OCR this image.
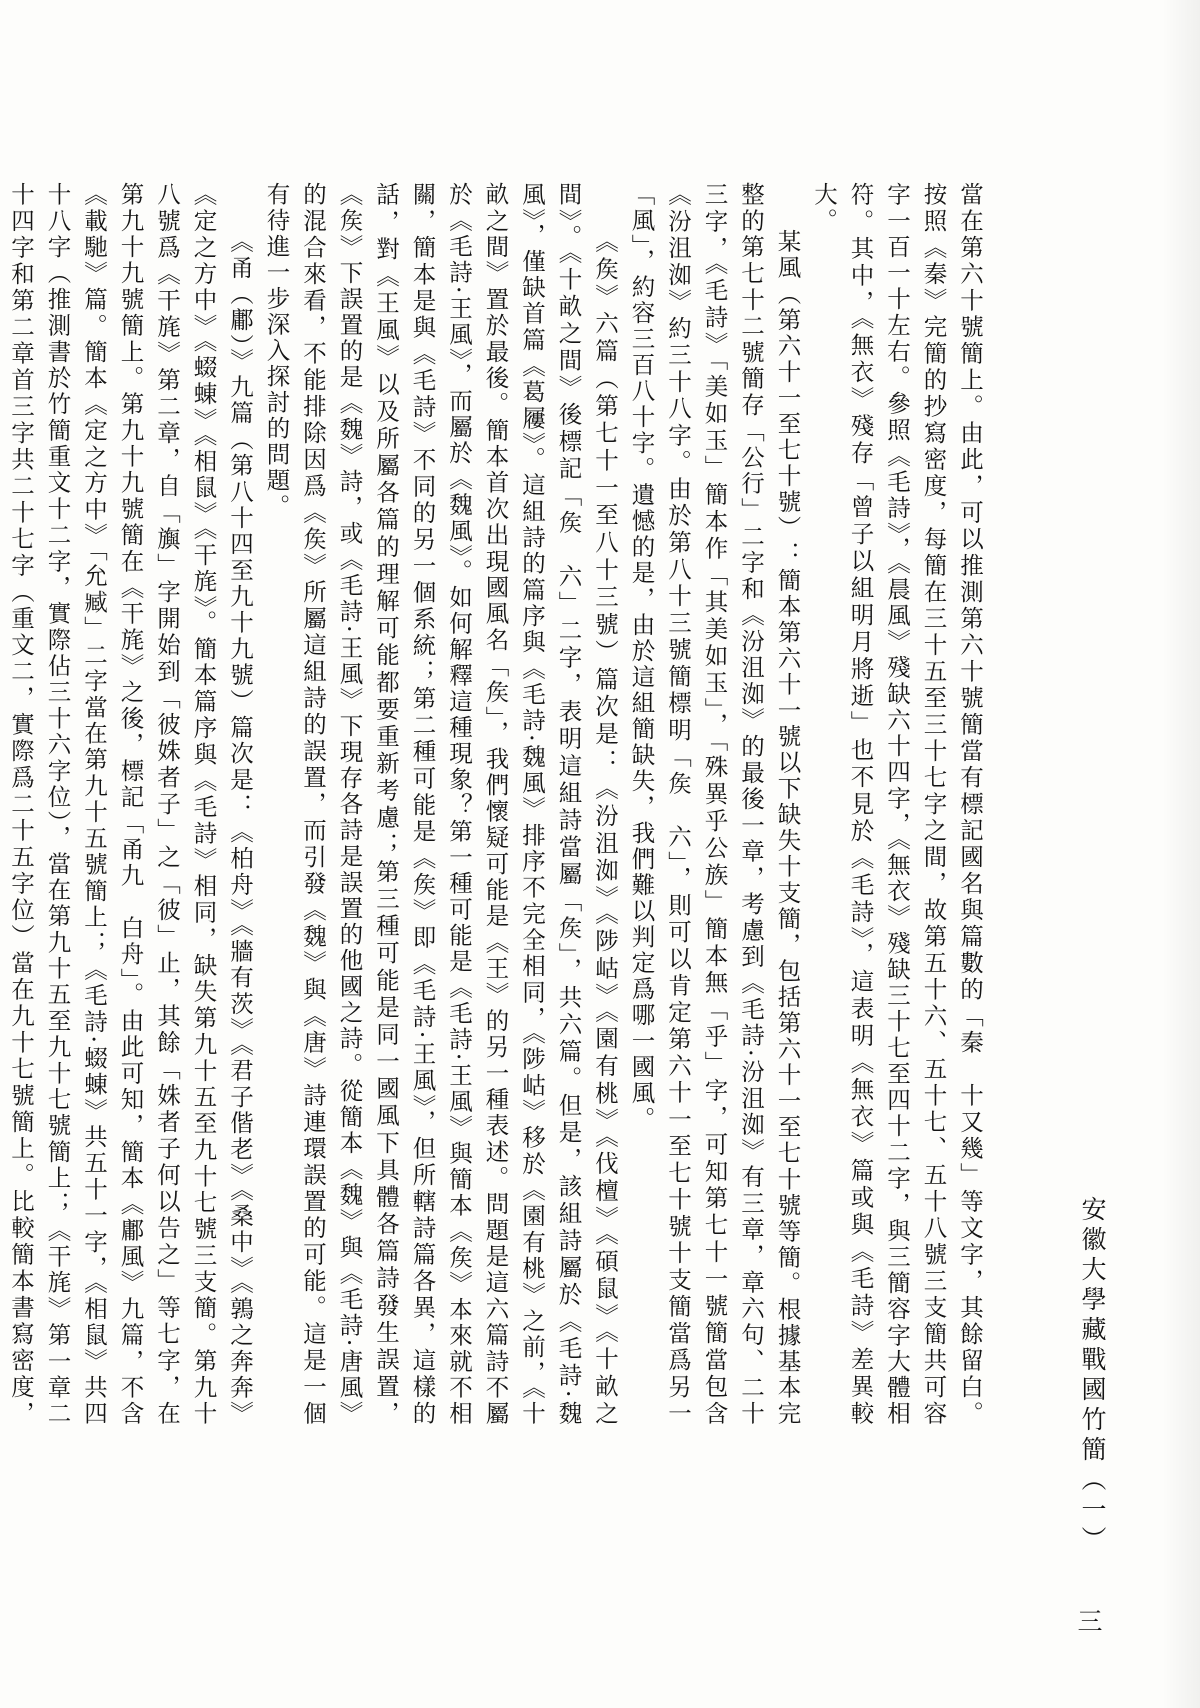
當在第六十號簡上。由此，可以推測第六十號簡當有標記國名與篇數的「秦　十又幾」等文字，其餘留白。按照《秦》完簡的抄寫密度，每簡在三十五至三十七字之間，故第五十六、五十七、五十八號三支簡共可容字一百一十左右。參照《毛詩》，《晨風》殘缺六十四字，《無衣》殘缺三十七至四十二字，與三簡容字大體相符。其中，《無衣》殘存「曾子以組明月將逝」也不見於《毛詩》，這表明《無衣》篇或與《毛詩》差異較大。

某風（第六十一至七十號）：簡本第六十一號以下缺失十支簡，包括第六十一至七十號等簡。根據基本完整的第七十二號簡存「公行」二字和《汾沮洳》的最後一章，考慮到《毛詩·汾沮洳》有三章，章六句、二十三字，《毛詩》「美如玉」簡本作「其美如玉」，「殊異乎公族」簡本無「乎」字，可知第七十一號簡當包含《汾沮洳》約三十八字。由於第八十三號簡標明「矦　六」，則可以肯定第六十一至七十號十支簡當爲另一「風」，約容三百八十字。遺憾的是，由於這組簡缺失，我們難以判定爲哪一國風。

《矦》六篇（第七十一至八十三號）篇次是：《汾沮洳》《陟岵》《園有桃》《伐檀》《碩鼠》《十畝之間》。《十畝之間》後標記「矦　六」二字，表明這組詩當屬「矦」，共六篇。但是，該組詩屬於《毛詩·魏風》，僅缺首篇《葛屨》。這組詩的篇序與《毛詩·魏風》排序不完全相同，《陟岵》移於《園有桃》之前，《十畝之間》置於最後。簡本首次出現國風名「矦」，我們懷疑可能是《王》的另一種表述。問題是這六篇詩不屬於《毛詩·王風》，而屬於《魏風》。如何解釋這種現象？第一種可能是《毛詩·王風》與簡本《矦》本來就不相關，簡本是與《毛詩》不同的另一個系統；第二種可能是《矦》即《毛詩·王風》，但所轄詩篇各異，這樣的話，對《王風》以及所屬各篇的理解可能都要重新考慮；第三種可能是同一國風下具體各篇詩發生誤置，《矦》下誤置的是《魏》詩，或《毛詩·王風》下現存各詩是誤置的他國之詩。從簡本《魏》與《毛詩·唐風》的混合來看，不能排除因爲《矦》所屬這組詩的誤置，而引發《魏》與《唐》詩連環誤置的可能。這是一個有待進一步深入探討的問題。

《甬（鄘）》九篇（第八十四至九十九號）篇次是：《柏舟》《牆有茨》《君子偕老》《桑中》《鶉之奔奔》《定之方中》《蝃蝀》《相鼠》《干旄》。簡本篇序與《毛詩》相同，缺失第九十五至九十七號三支簡。第九十八號爲《干旄》第二章，自「旟」字開始到「彼姝者子」之「彼」止，其餘「姝者子何以告之」等七字，在第九十九號簡上。第九十九號簡在《干旄》之後，標記「甬九　白舟」。由此可知，簡本《鄘風》九篇，不含《載馳》篇。簡本《定之方中》「允臧」二字當在第九十五號簡上；《毛詩·蝃蝀》共五十一字，《相鼠》共四十八字（推測書於竹簡重文十二字，實際佔三十六字位），當在第九十五至九十七號簡上；《干旄》第一章二十四字和第二章首三字共二十七字（重文二，實際爲二十五字位）當在九十七號簡上。比較簡本書寫密度，	安徽大學藏戰國竹簡（一）

三
